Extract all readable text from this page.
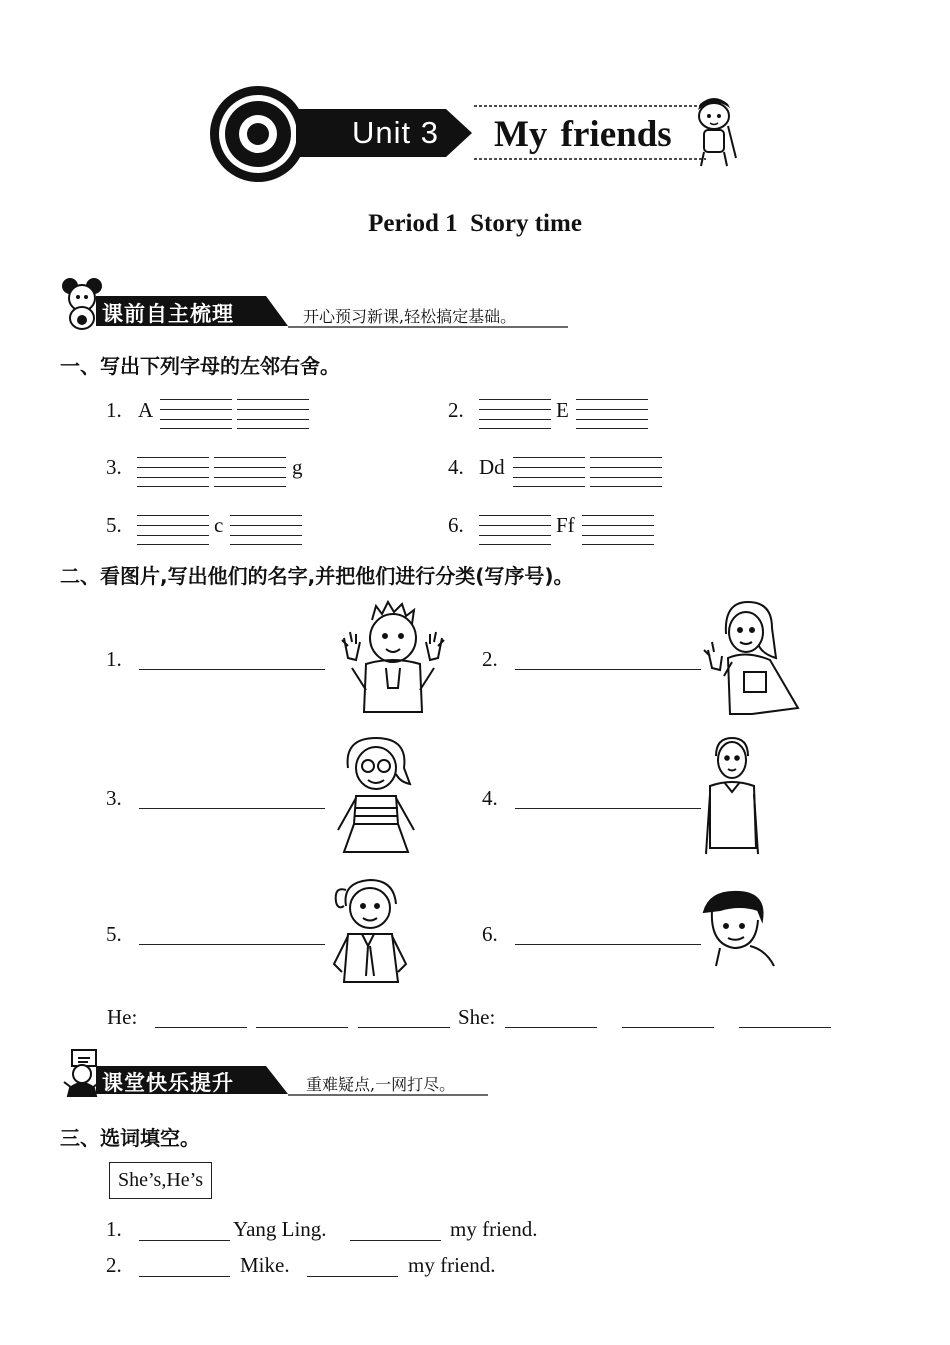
Unit 3 My friends
Period 1  Story time
课前自主梳理	开心预习新课,轻松搞定基础。
一、写出下列字母的左邻右舍。
1. A	2.	E
3.	g	4. Dd
5.	c	6.	Ff
二、看图片,写出他们的名字,并把他们进行分类(写序号)。
1.	2.
3.	4.
5.	6.
He:	She:
课堂快乐提升	重难疑点,一网打尽。
三、选词填空。
She’s,He’s
1.	Yang Ling.	my friend.
2.	Mike.	my friend.
